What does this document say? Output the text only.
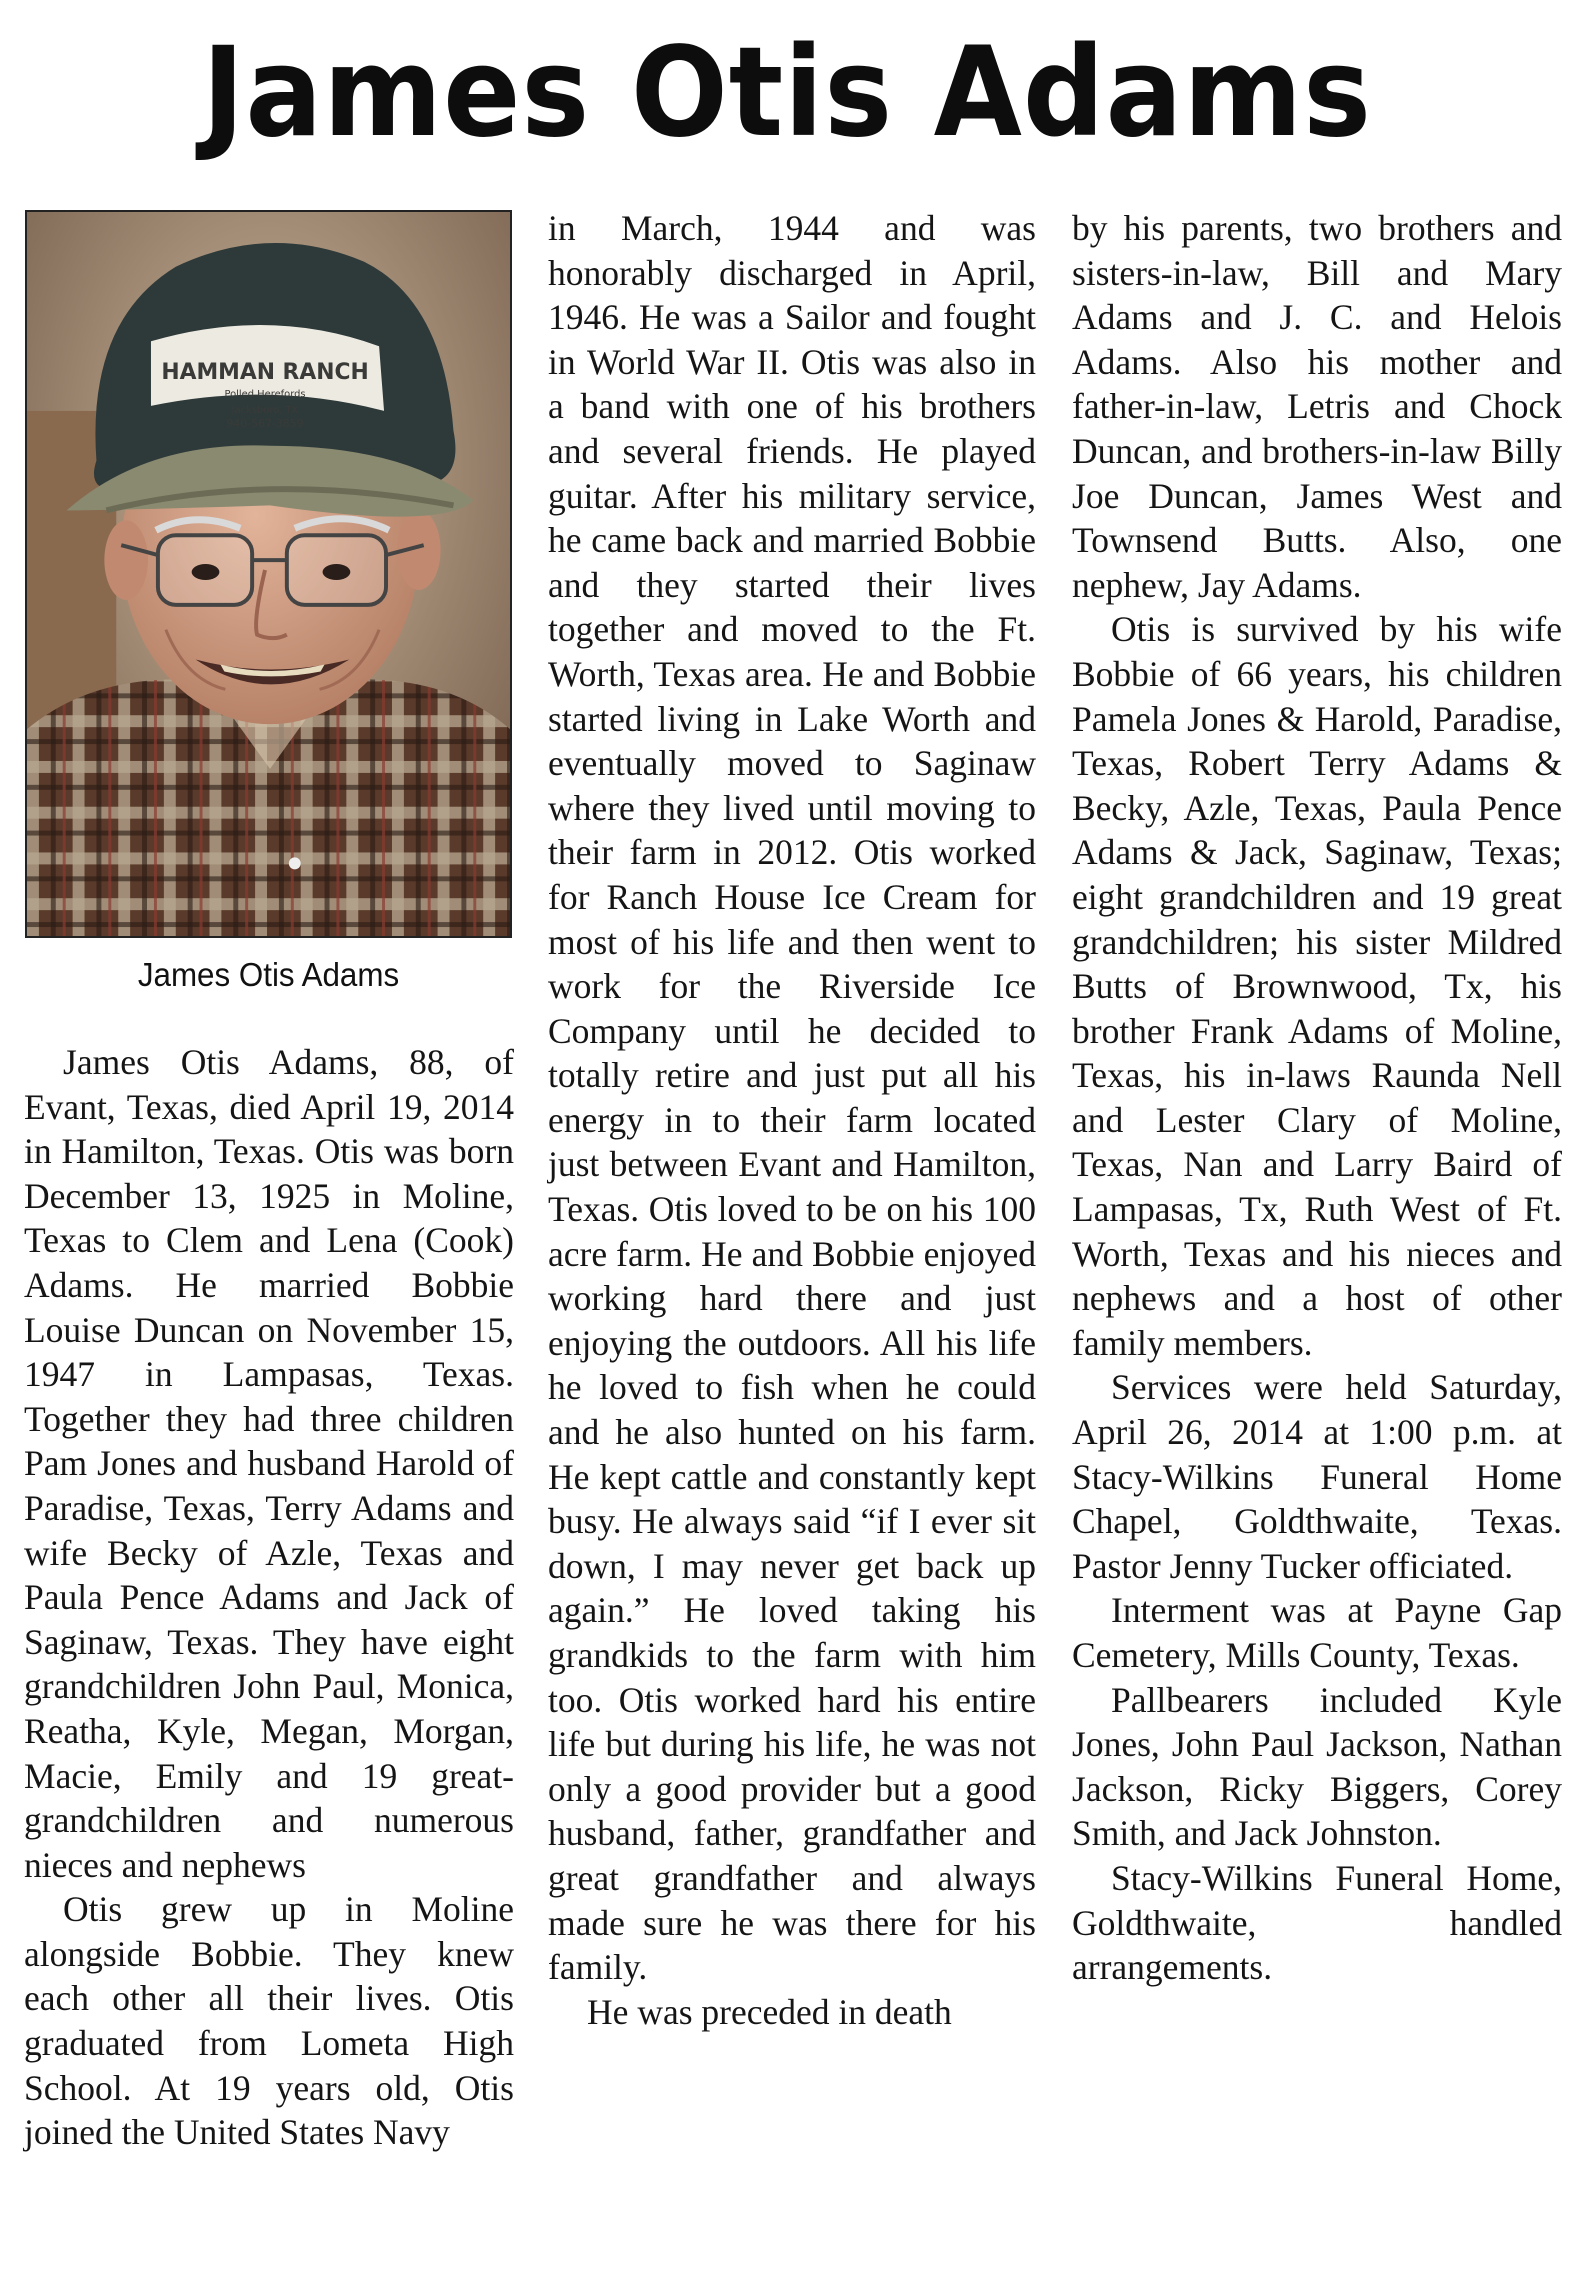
James Otis Adams
HAMMAN RANCH
Polled Herefords
Jacksboro, TX
940-567-3859
James Otis Adams

James Otis Adams, 88, of Evant, Texas, died April 19, 2014 in Hamilton, Texas. Otis was born December 13, 1925 in Moline, Texas to Clem and Lena (Cook) Adams. He married Bobbie Louise Duncan on November 15, 1947 in Lampasas, Texas. Together they had three children Pam Jones and husband Harold of Paradise, Texas, Terry Adams and wife Becky of Azle, Texas and Paula Pence Adams and Jack of Saginaw, Texas. They have eight grandchildren John Paul, Monica, Reatha, Kyle, Megan, Morgan, Macie, Emily and 19 great-grandchildren and numerous nieces and nephews

Otis grew up in Moline alongside Bobbie. They knew each other all their lives. Otis graduated from Lometa High School. At 19 years old, Otis joined the United States Navy

in March, 1944 and was honorably discharged in April, 1946. He was a Sailor and fought in World War II. Otis was also in a band with one of his brothers and several friends. He played guitar. After his military service, he came back and married Bobbie and they started their lives together and moved to the Ft. Worth, Texas area. He and Bobbie started living in Lake Worth and eventually moved to Saginaw where they lived until moving to their farm in 2012. Otis worked for Ranch House Ice Cream for most of his life and then went to work for the Riverside Ice Company until he decided to totally retire and just put all his energy in to their farm located just between Evant and Hamilton, Texas. Otis loved to be on his 100 acre farm. He and Bobbie enjoyed working hard there and just enjoying the outdoors. All his life he loved to fish when he could and he also hunted on his farm. He kept cattle and constantly kept busy. He always said “if I ever sit down, I may never get back up again.” He loved taking his grandkids to the farm with him too. Otis worked hard his entire life but during his life, he was not only a good provider but a good husband, father, grandfather and great grandfather and always made sure he was there for his family.

He was preceded in death

by his parents, two brothers and sisters-in-law, Bill and Mary Adams and J. C. and Helois Adams. Also his mother and father-in-law, Letris and Chock Duncan, and brothers-in-law Billy Joe Duncan, James West and Townsend Butts. Also, one nephew, Jay Adams.

Otis is survived by his wife Bobbie of 66 years, his children Pamela Jones & Harold, Paradise, Texas, Robert Terry Adams & Becky, Azle, Texas, Paula Pence Adams & Jack, Saginaw, Texas; eight grandchildren and 19 great grandchildren; his sister Mildred Butts of Brownwood, Tx, his brother Frank Adams of Moline, Texas, his in-laws Raunda Nell and Lester Clary of Moline, Texas, Nan and Larry Baird of Lampasas, Tx, Ruth West of Ft. Worth, Texas and his nieces and nephews and a host of other family members.

Services were held Saturday, April 26, 2014 at 1:00 p.m. at Stacy-Wilkins Funeral Home Chapel, Goldthwaite, Texas. Pastor Jenny Tucker officiated.

Interment was at Payne Gap Cemetery, Mills County, Texas.

Pallbearers included Kyle Jones, John Paul Jackson, Nathan Jackson, Ricky Biggers, Corey Smith, and Jack Johnston.

Stacy-Wilkins Funeral Home, Goldthwaite, handled arrangements.
